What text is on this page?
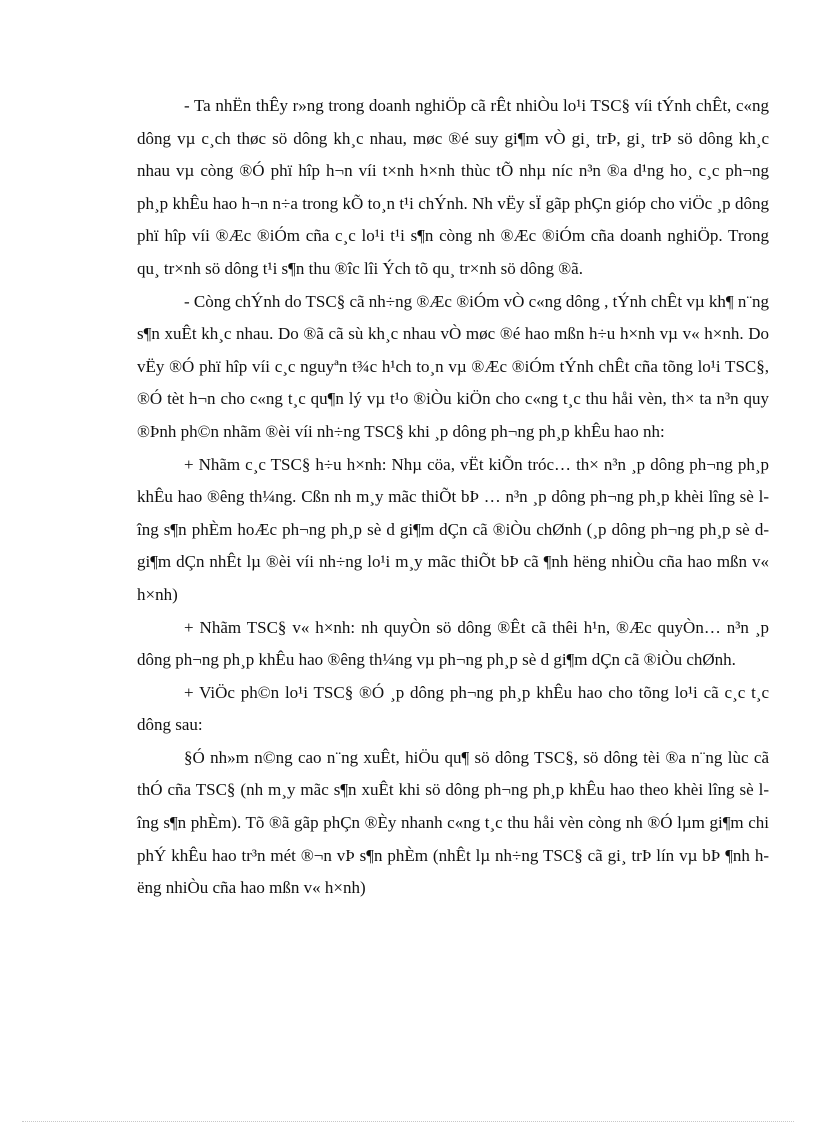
- Ta nhËn thÊy r»ng trong doanh nghiÖp cã rÊt nhiÒu lo¹i TSC§ víi tÝnh chÊt, c«ng dông vµ c¸ch thøc sö dông kh¸c nhau, møc ®é suy gi¶m vÒ gi¸ trÞ, gi¸ trÞ sö dông kh¸c nhau vµ còng ®Ó phï hîp h¬n víi t×nh h×nh thùc tÕ nhµ níc n³n ®a d¹ng ho¸ c¸c ph¬ng ph¸p khÊu hao h¬n n÷a trong kÕ to¸n t¹i chÝnh. Nh vËy sÏ gãp phÇn gióp cho viÖc ¸p dông phï hîp víi ®Æc ®iÓm cña c¸c lo¹i t¹i s¶n còng nh ®Æc ®iÓm cña doanh nghiÖp. Trong qu¸ tr×nh sö dông t¹i s¶n thu ®îc lîi Ých tõ qu¸ tr×nh sö dông ®ã.

- Còng chÝnh do TSC§ cã nh÷ng ®Æc ®iÓm vÒ c«ng dông , tÝnh chÊt vµ kh¶ n¨ng s¶n xuÊt kh¸c nhau. Do ®ã cã sù kh¸c nhau vÒ møc ®é hao mßn h÷u h×nh vµ v« h×nh. Do vËy ®Ó phï hîp víi c¸c nguyªn t¾c h¹ch to¸n vµ ®Æc ®iÓm tÝnh chÊt cña tõng lo¹i TSC§, ®Ó tèt h¬n cho c«ng t¸c qu¶n lý vµ t¹o ®iÒu kiÖn cho c«ng t¸c thu håi vèn, th× ta n³n quy ®Þnh ph©n nhãm ®èi víi nh÷ng TSC§ khi ¸p dông ph¬ng ph¸p khÊu hao nh:

+ Nhãm c¸c TSC§ h÷u h×nh: Nhµ cöa, vËt kiÕn tróc… th× n³n ¸p dông ph¬ng ph¸p khÊu hao ®êng th¼ng. Cßn nh m¸y mãc thiÕt bÞ … n³n ¸p dông ph¬ng ph¸p khèi lîng sè lîng s¶n phÈm hoÆc ph¬ng ph¸p sè d gi¶m dÇn cã ®iÒu chØnh (¸p dông ph¬ng ph¸p sè d gi¶m dÇn nhÊt lµ ®èi víi nh÷ng lo¹i m¸y mãc thiÕt bÞ cã ¶nh hëng nhiÒu cña hao mßn v« h×nh)

+ Nhãm TSC§ v« h×nh: nh quyÒn sö dông ®Êt cã thêi h¹n, ®Æc quyÒn… n³n ¸p dông ph¬ng ph¸p khÊu hao ®êng th¼ng vµ ph¬ng ph¸p sè d gi¶m dÇn cã ®iÒu chØnh.

+ ViÖc ph©n lo¹i TSC§ ®Ó ¸p dông ph¬ng ph¸p khÊu hao cho tõng lo¹i cã c¸c t¸c dông sau:

§Ó nh»m n©ng cao n¨ng xuÊt, hiÖu qu¶ sö dông TSC§, sö dông tèi ®a n¨ng lùc cã thÓ cña TSC§ (nh m¸y mãc s¶n xuÊt khi sö dông ph¬ng ph¸p khÊu hao theo khèi lîng sè lîng s¶n phÈm). Tõ ®ã gãp phÇn ®Èy nhanh c«ng t¸c thu håi vèn còng nh ®Ó lµm gi¶m chi phÝ khÊu hao tr³n mét ®¬n vÞ s¶n phÈm (nhÊt lµ nh÷ng TSC§ cã gi¸ trÞ lín vµ bÞ ¶nh hëng nhiÒu cña hao mßn v« h×nh)
